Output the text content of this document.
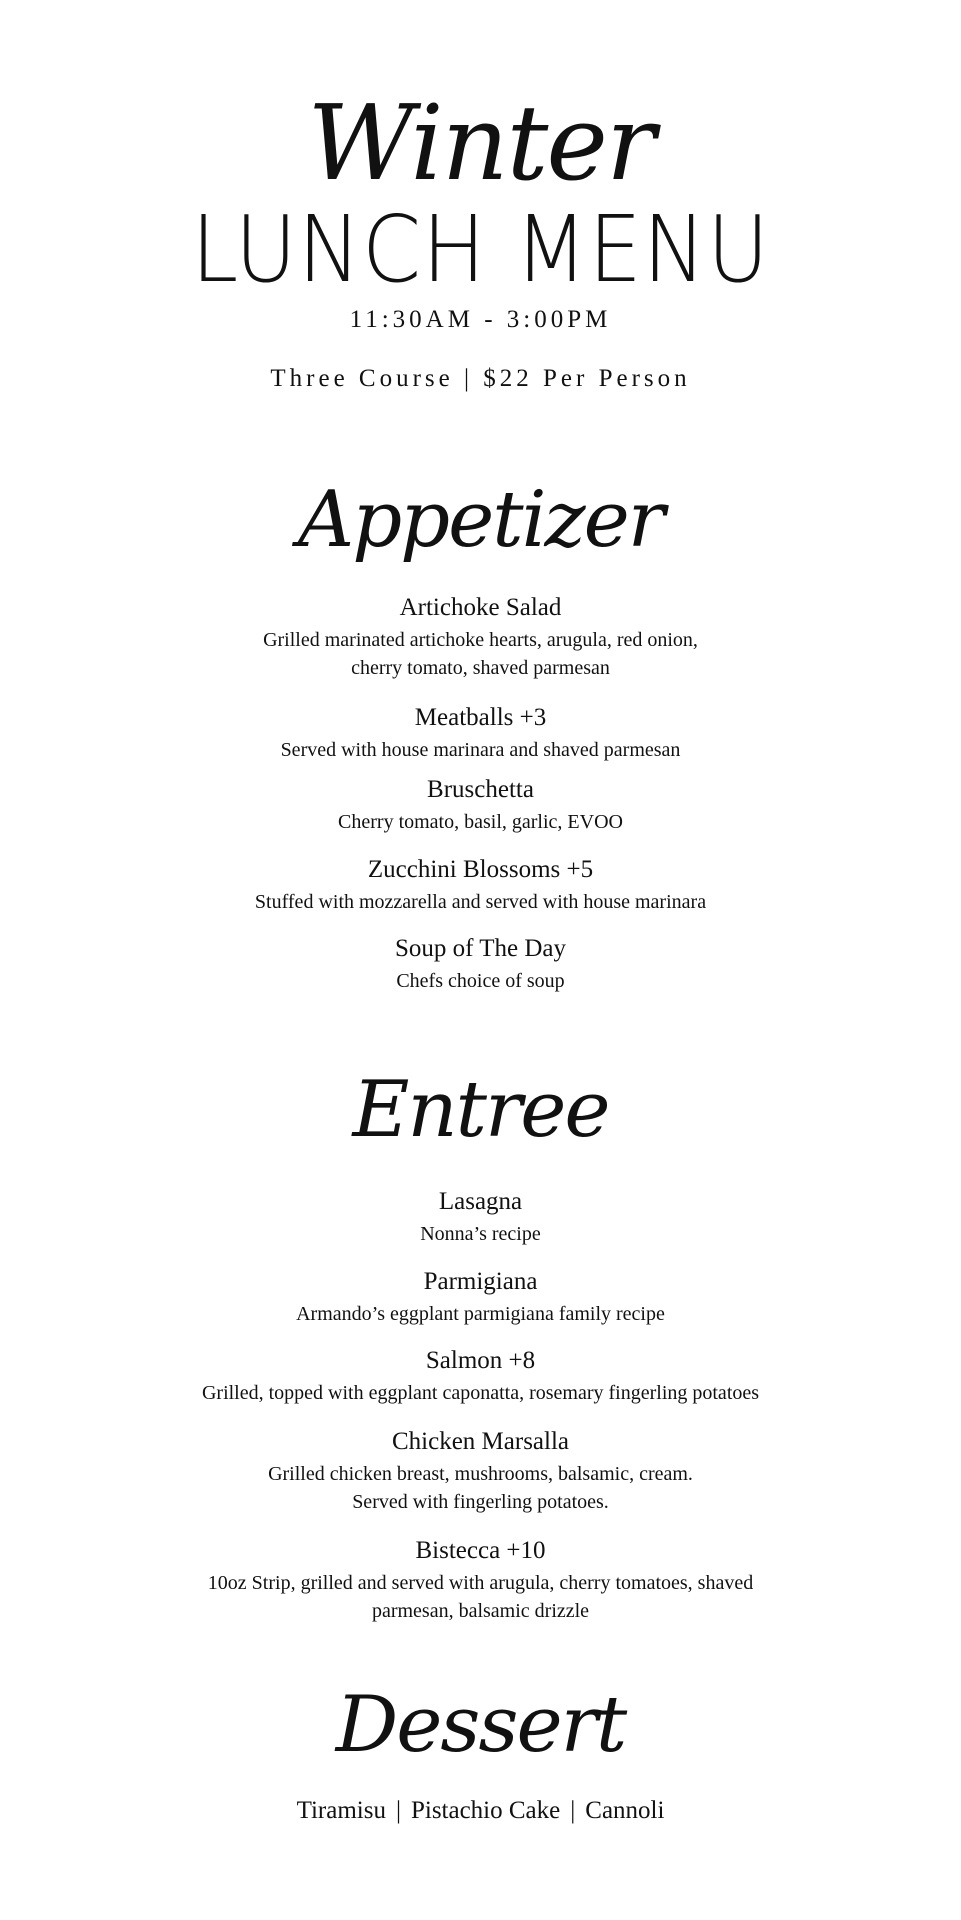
Winter
LUNCH MENU
11:30AM - 3:00PM
Three Course | $22 Per Person
Appetizer
Artichoke Salad
Grilled marinated artichoke hearts, arugula, red onion,
cherry tomato, shaved parmesan
Meatballs +3
Served with house marinara and shaved parmesan
Bruschetta
Cherry tomato, basil, garlic, EVOO
Zucchini Blossoms +5
Stuffed with mozzarella and served with house marinara
Soup of The Day
Chefs choice of soup
Entree
Lasagna
Nonna’s recipe
Parmigiana
Armando’s eggplant parmigiana family recipe
Salmon +8
Grilled, topped with eggplant caponatta, rosemary fingerling potatoes
Chicken Marsalla
Grilled chicken breast, mushrooms, balsamic, cream.
Served with fingerling potatoes.
Bistecca +10
10oz Strip, grilled and served with arugula, cherry tomatoes, shaved
parmesan, balsamic drizzle
Dessert
Tiramisu | Pistachio Cake | Cannoli
